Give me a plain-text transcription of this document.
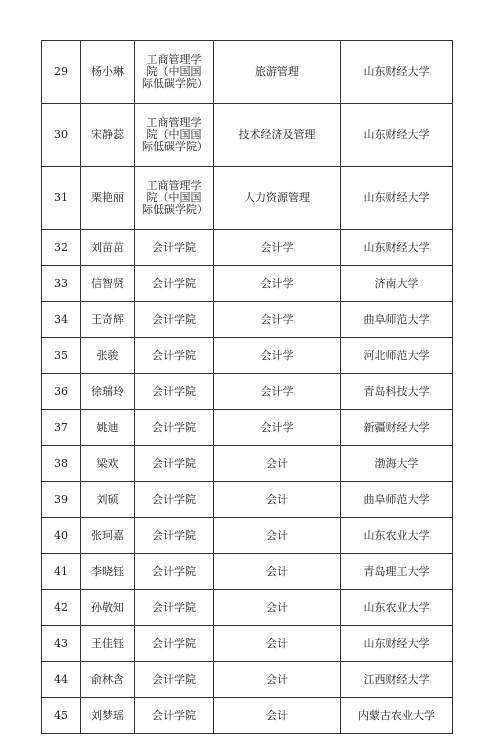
29	杨小琳	工商管理学院（中国国际低碳学院）	旅游管理	山东财经大学
30	宋静蕊	工商管理学院（中国国际低碳学院）	技术经济及管理	山东财经大学
31	栗艳丽	工商管理学院（中国国际低碳学院）	人力资源管理	山东财经大学
32	刘苗苗	会计学院	会计学	山东财经大学
33	信智贤	会计学院	会计学	济南大学
34	王奇辉	会计学院	会计学	曲阜师范大学
35	张骏	会计学院	会计学	河北师范大学
36	徐瑞玲	会计学院	会计学	青岛科技大学
37	姚迪	会计学院	会计学	新疆财经大学
38	梁欢	会计学院	会计	渤海大学
39	刘硕	会计学院	会计	曲阜师范大学
40	张珂嘉	会计学院	会计	山东农业大学
41	李晓钰	会计学院	会计	青岛理工大学
42	孙敬知	会计学院	会计	山东农业大学
43	王佳钰	会计学院	会计	山东财经大学
44	俞林含	会计学院	会计	江西财经大学
45	刘梦瑶	会计学院	会计	内蒙古农业大学
